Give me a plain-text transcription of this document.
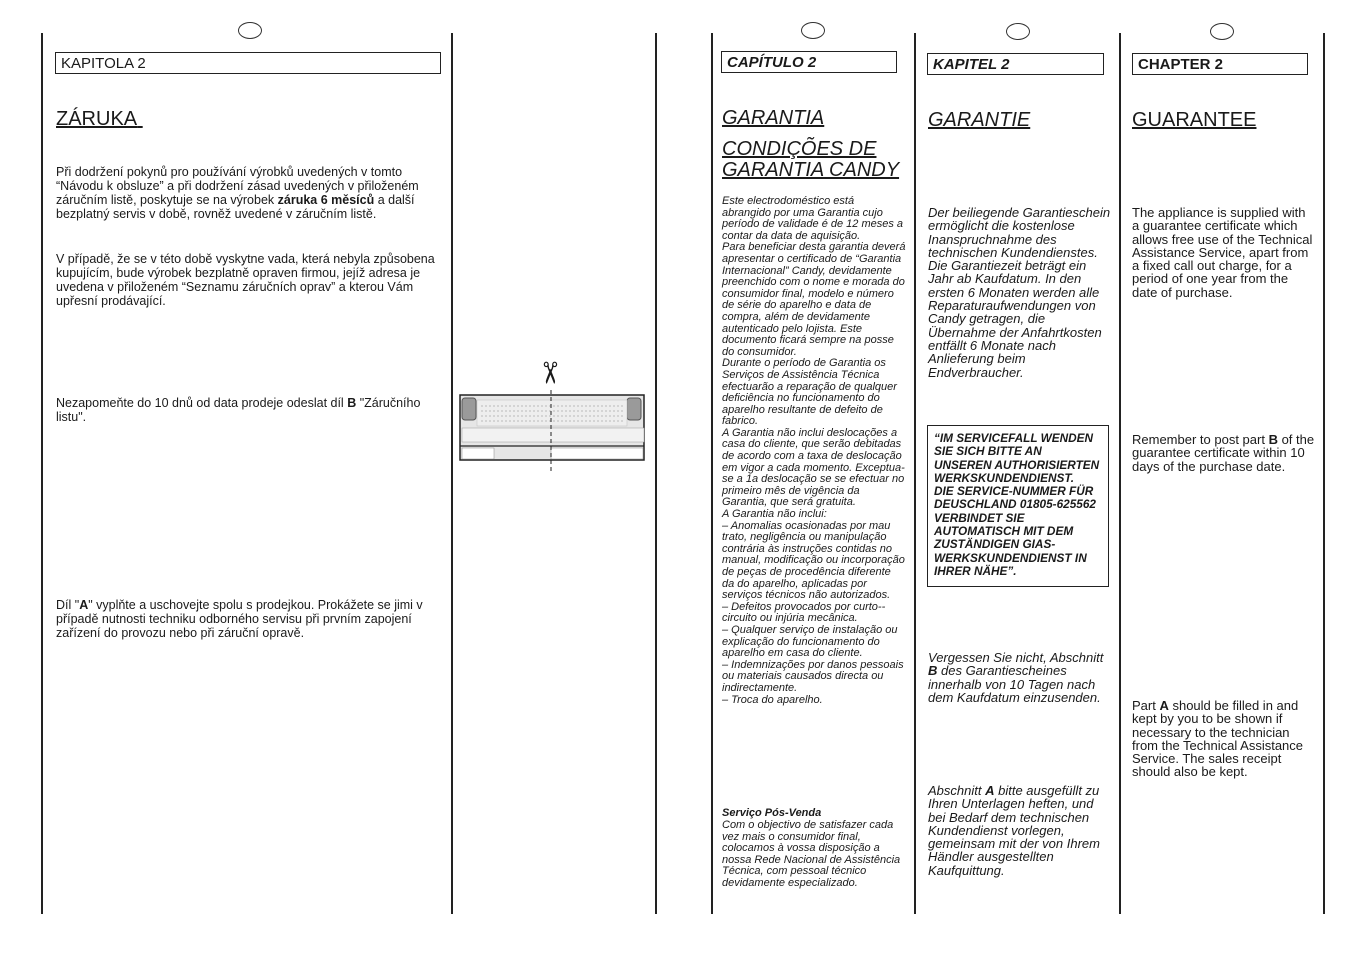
KAPITOLA 2
ZÁRUKA

Při dodržení pokynů pro používání výrobků uvedených v tomto “Návodu k obsluze” a při dodržení zásad uvedených v přiloženém záručním listě, poskytuje se na výrobek záruka 6 měsíců a další bezplatný servis v době, rovněž uvedené v záručním listě.

V případě, že se v této době vyskytne vada, která nebyla způsobena kupujícím, bude výrobek bezplatně opraven firmou, jejíž adresa je uvedena v přiloženém “Seznamu záručních oprav” a kterou Vám upřesní prodávající.

Nezapomeňte do 10 dnů od data prodeje odeslat díl B "Záručního listu".

Díl "A" vyplňte a uschovejte spolu s prodejkou. Prokážete se jimi v případě nutnosti techniku odborného servisu při prvním zapojení zařízení do provozu nebo při záruční opravě.

✂
CAPÍTULO 2
GARANTIA
CONDIÇÕES DE
GARANTIA CANDY

Este electrodoméstico está abrangido por uma Garantia cujo período de validade é de 12 meses a contar da data de aquisição.
Para beneficiar desta garantia deverá apresentar o certificado de “Garantia Internacional” Candy, devidamente preenchido com o nome e morada do consumidor final, modelo e número de série do aparelho e data de compra, além de devidamente autenticado pelo lojista. Este documento ficará sempre na posse do consumidor.
Durante o período de Garantia os Serviços de Assistência Técnica efectuarão a reparação de qualquer deficiência no funcionamento do aparelho resultante de defeito de fabrico.
A Garantia não inclui deslocações a casa do cliente, que serão debitadas de acordo com a taxa de deslocação em vigor a cada momento. Exceptua-se a 1a deslocação se se efectuar no primeiro mês de vigência da Garantia, que será gratuita.
A Garantia não inclui:
– Anomalias ocasionadas por mau trato, negligência ou manipulação contrária às instruções contidas no manual, modificação ou incorporação de peças de procedência diferente da do aparelho, aplicadas por serviços técnicos não autorizados.
– Defeitos provocados por curto--circuito ou injúria mecânica.
– Qualquer serviço de instalação ou explicação do funcionamento do aparelho em casa do cliente.
– Indemnizações por danos pessoais ou materiais causados directa ou indirectamente.
– Troca do aparelho.

Serviço Pós-Venda

Com o objectivo de satisfazer cada vez mais o consumidor final, colocamos à vossa disposição a nossa Rede Nacional de Assistência Técnica, com pessoal técnico devidamente especializado.

KAPITEL 2
GARANTIE

Der beiliegende Garantieschein ermöglicht die kostenlose Inanspruchnahme des technischen Kundendienstes. Die Garantiezeit beträgt ein Jahr ab Kaufdatum. In den ersten 6 Monaten werden alle Reparaturaufwendungen von Candy getragen, die Übernahme der Anfahrtkosten entfällt 6 Monate nach Anlieferung beim Endverbraucher.

“IM SERVICEFALL WENDEN SIE SICH BITTE AN UNSEREN AUTHORISIERTEN WERKSKUNDENDIENST.
DIE SERVICE-NUMMER FÜR DEUSCHLAND 01805-625562 VERBINDET SIE AUTOMATISCH MIT DEM ZUSTÄNDIGEN GIAS-WERKSKUNDENDIENST IN IHRER NÄHE”.

Vergessen Sie nicht, Abschnitt B des Garantiescheines innerhalb von 10 Tagen nach dem Kaufdatum einzusenden.

Abschnitt A bitte ausgefüllt zu Ihren Unterlagen heften, und bei Bedarf dem technischen Kundendienst vorlegen, gemeinsam mit der von Ihrem Händler ausgestellten Kaufquittung.

CHAPTER 2
GUARANTEE

The appliance is supplied with a guarantee certificate which allows free use of the Technical Assistance Service, apart from a fixed call out charge, for a period of one year from the date of purchase.

Remember to post part B of the guarantee certificate within 10 days of the purchase date.

Part A should be filled in and kept by you to be shown if necessary to the technician from the Technical Assistance Service. The sales receipt should also be kept.
